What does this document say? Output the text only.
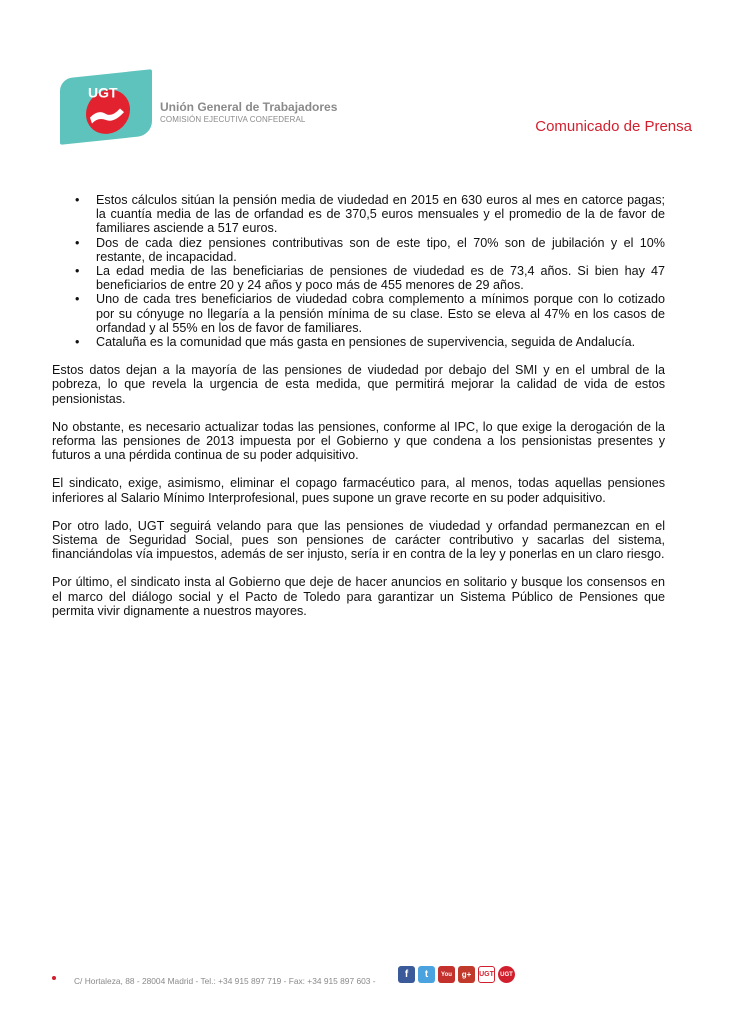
UGT
Unión General de Trabajadores
COMISIÓN EJECUTIVA CONFEDERAL	Comunicado de Prensa
• Estos cálculos sitúan la pensión media de viudedad en 2015 en 630 euros al mes en catorce pagas; la cuantía media de las de orfandad es de 370,5 euros mensuales y el promedio de la de favor de familiares asciende a 517 euros.
• Dos de cada diez pensiones contributivas son de este tipo, el 70% son de jubilación y el 10% restante, de incapacidad.
• La edad media de las beneficiarias de pensiones de viudedad es de 73,4 años. Si bien hay 47 beneficiarios de entre 20 y 24 años y poco más de 455 menores de 29 años.
• Uno de cada tres beneficiarios de viudedad cobra complemento a mínimos porque con lo cotizado por su cónyuge no llegaría a la pensión mínima de su clase. Esto se eleva al 47% en los casos de orfandad y al 55% en los de favor de familiares.
• Cataluña es la comunidad que más gasta en pensiones de supervivencia, seguida de Andalucía.

Estos datos dejan a la mayoría de las pensiones de viudedad por debajo del SMI y en el umbral de la pobreza, lo que revela la urgencia de esta medida, que permitirá mejorar la calidad de vida de estos pensionistas.

No obstante, es necesario actualizar todas las pensiones, conforme al IPC, lo que exige la derogación de la reforma las pensiones de 2013 impuesta por el Gobierno y que condena a los pensionistas presentes y futuros a una pérdida continua de su poder adquisitivo.

El sindicato, exige, asimismo, eliminar el copago farmacéutico para, al menos, todas aquellas pensiones inferiores al Salario Mínimo Interprofesional, pues supone un grave recorte en su poder adquisitivo.

Por otro lado, UGT seguirá velando para que las pensiones de viudedad y orfandad permanezcan en el Sistema de Seguridad Social, pues son pensiones de carácter contributivo y sacarlas del sistema, financiándolas vía impuestos, además de ser injusto, sería ir en contra de la ley y ponerlas en un claro riesgo.

Por último, el sindicato insta al Gobierno que deje de hacer anuncios en solitario y busque los consensos en el marco del diálogo social y el Pacto de Toledo para garantizar un Sistema Público de Pensiones que permita vivir dignamente a nuestros mayores.

C/ Hortaleza, 88 - 28004 Madrid - Tel.: +34 915 897 719 - Fax: +34 915 897 603 -
f	t	You	g+	UGT	UGT
